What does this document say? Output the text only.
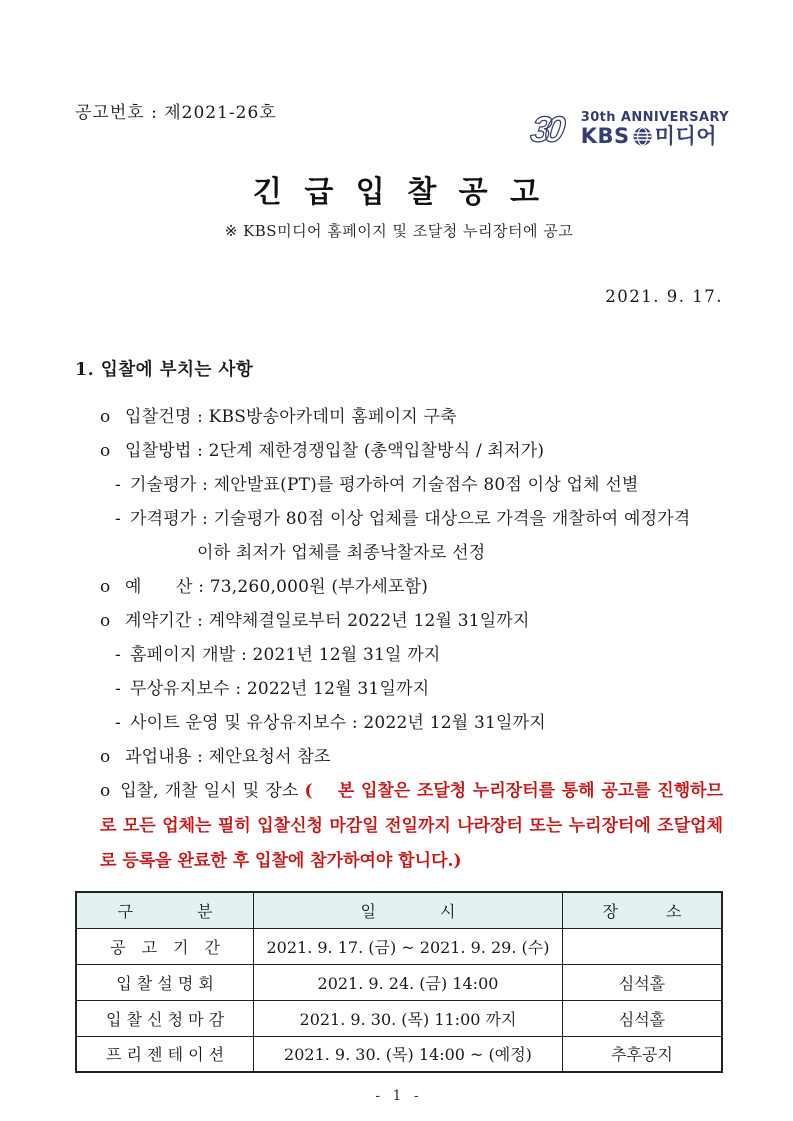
30	30th ANNIVERSARY
KBS 미디어
공고번호 : 제2021-26호
긴 급 입 찰 공 고
※ KBS미디어 홈페이지 및 조달청 누리장터에 공고
2021. 9. 17.
1. 입찰에 부치는 사항
o 입찰건명 : KBS방송아카데미 홈페이지 구축
o 입찰방법 : 2단계 제한경쟁입찰 (총액입찰방식 / 최저가)
- 기술평가 : 제안발표(PT)를 평가하여 기술점수 80점 이상 업체 선별
- 가격평가 : 기술평가 80점 이상 업체를 대상으로 가격을 개찰하여 예정가격
이하 최저가 업체를 최종낙찰자로 선정
o 예　　산 : 73,260,000원 (부가세포함)
o 계약기간 : 계약체결일로부터 2022년 12월 31일까지
- 홈페이지 개발 : 2021년 12월 31일 까지
- 무상유지보수 : 2022년 12월 31일까지
- 사이트 운영 및 유상유지보수 : 2022년 12월 31일까지
o 과업내용 : 제안요청서 참조

o 입찰, 개찰 일시 및 장소 (　 본 입찰은 조달청 누리장터를 통해 공고를 진행하므로 모든 업체는 필히 입찰신청 마감일 전일까지 나라장터 또는 누리장터에 조달업체로 등록을 완료한 후 입찰에 참가하여야 합니다.)

구　　　　분	일　　　　시	장　　　소
공　고　기　간	2021. 9. 17. (금) ~ 2021. 9. 29. (수)	
입 찰 설 명 회	2021. 9. 24. (금) 14:00	심석홀
입 찰 신 청 마 감	2021. 9. 30. (목) 11:00 까지	심석홀
프 리 젠 테 이 션	2021. 9. 30. (목) 14:00 ~ (예정)	추후공지
- 1 -
